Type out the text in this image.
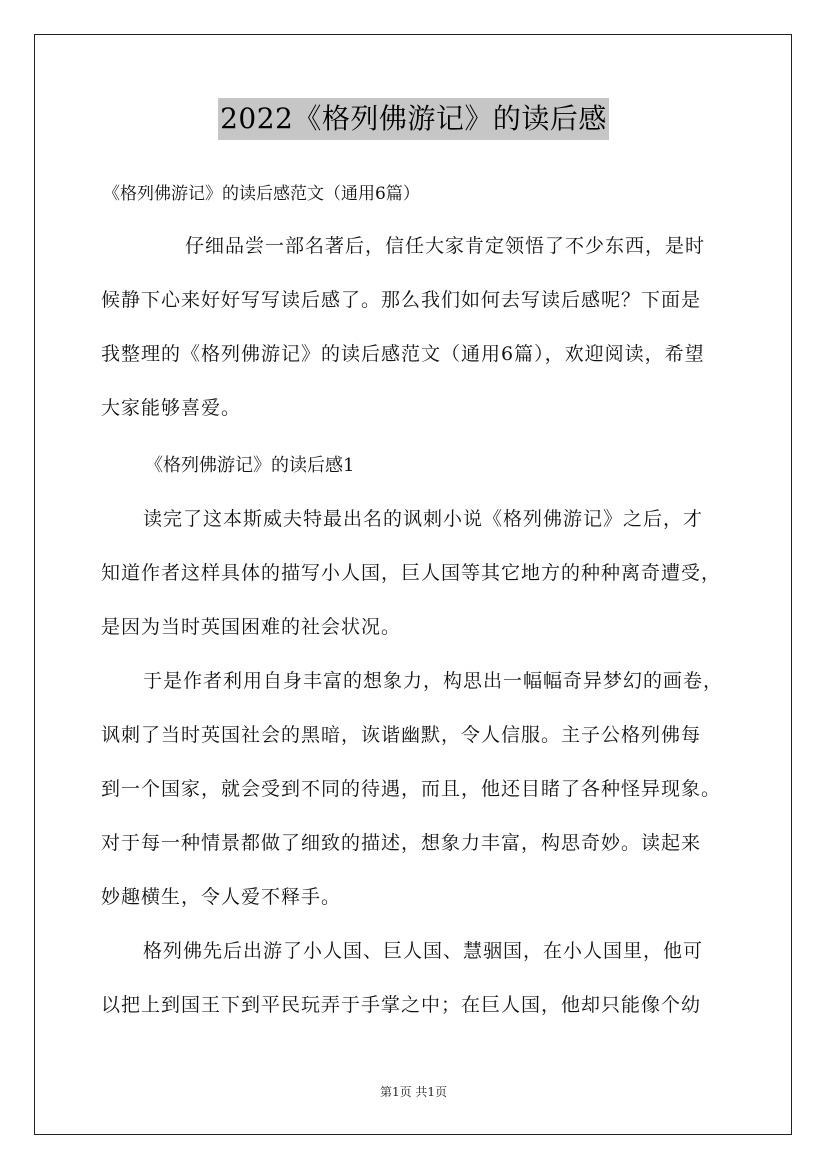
2022《格列佛游记》的读后感
《格列佛游记》的读后感范文（通用6篇）
仔细品尝一部名著后，信任大家肯定领悟了不少东西，是时
候静下心来好好写写读后感了。那么我们如何去写读后感呢？下面是
我整理的《格列佛游记》的读后感范文（通用6篇），欢迎阅读，希望
大家能够喜爱。
《格列佛游记》的读后感1
读完了这本斯威夫特最出名的讽刺小说《格列佛游记》之后，才
知道作者这样具体的描写小人国，巨人国等其它地方的种种离奇遭受，
是因为当时英国困难的社会状况。
于是作者利用自身丰富的想象力，构思出一幅幅奇异梦幻的画卷，
讽刺了当时英国社会的黑暗，诙谐幽默，令人信服。主子公格列佛每
到一个国家，就会受到不同的待遇，而且，他还目睹了各种怪异现象。
对于每一种情景都做了细致的描述，想象力丰富，构思奇妙。读起来
妙趣横生，令人爱不释手。
格列佛先后出游了小人国、巨人国、慧骃国，在小人国里，他可
以把上到国王下到平民玩弄于手掌之中；在巨人国，他却只能像个幼
第1页 共1页
